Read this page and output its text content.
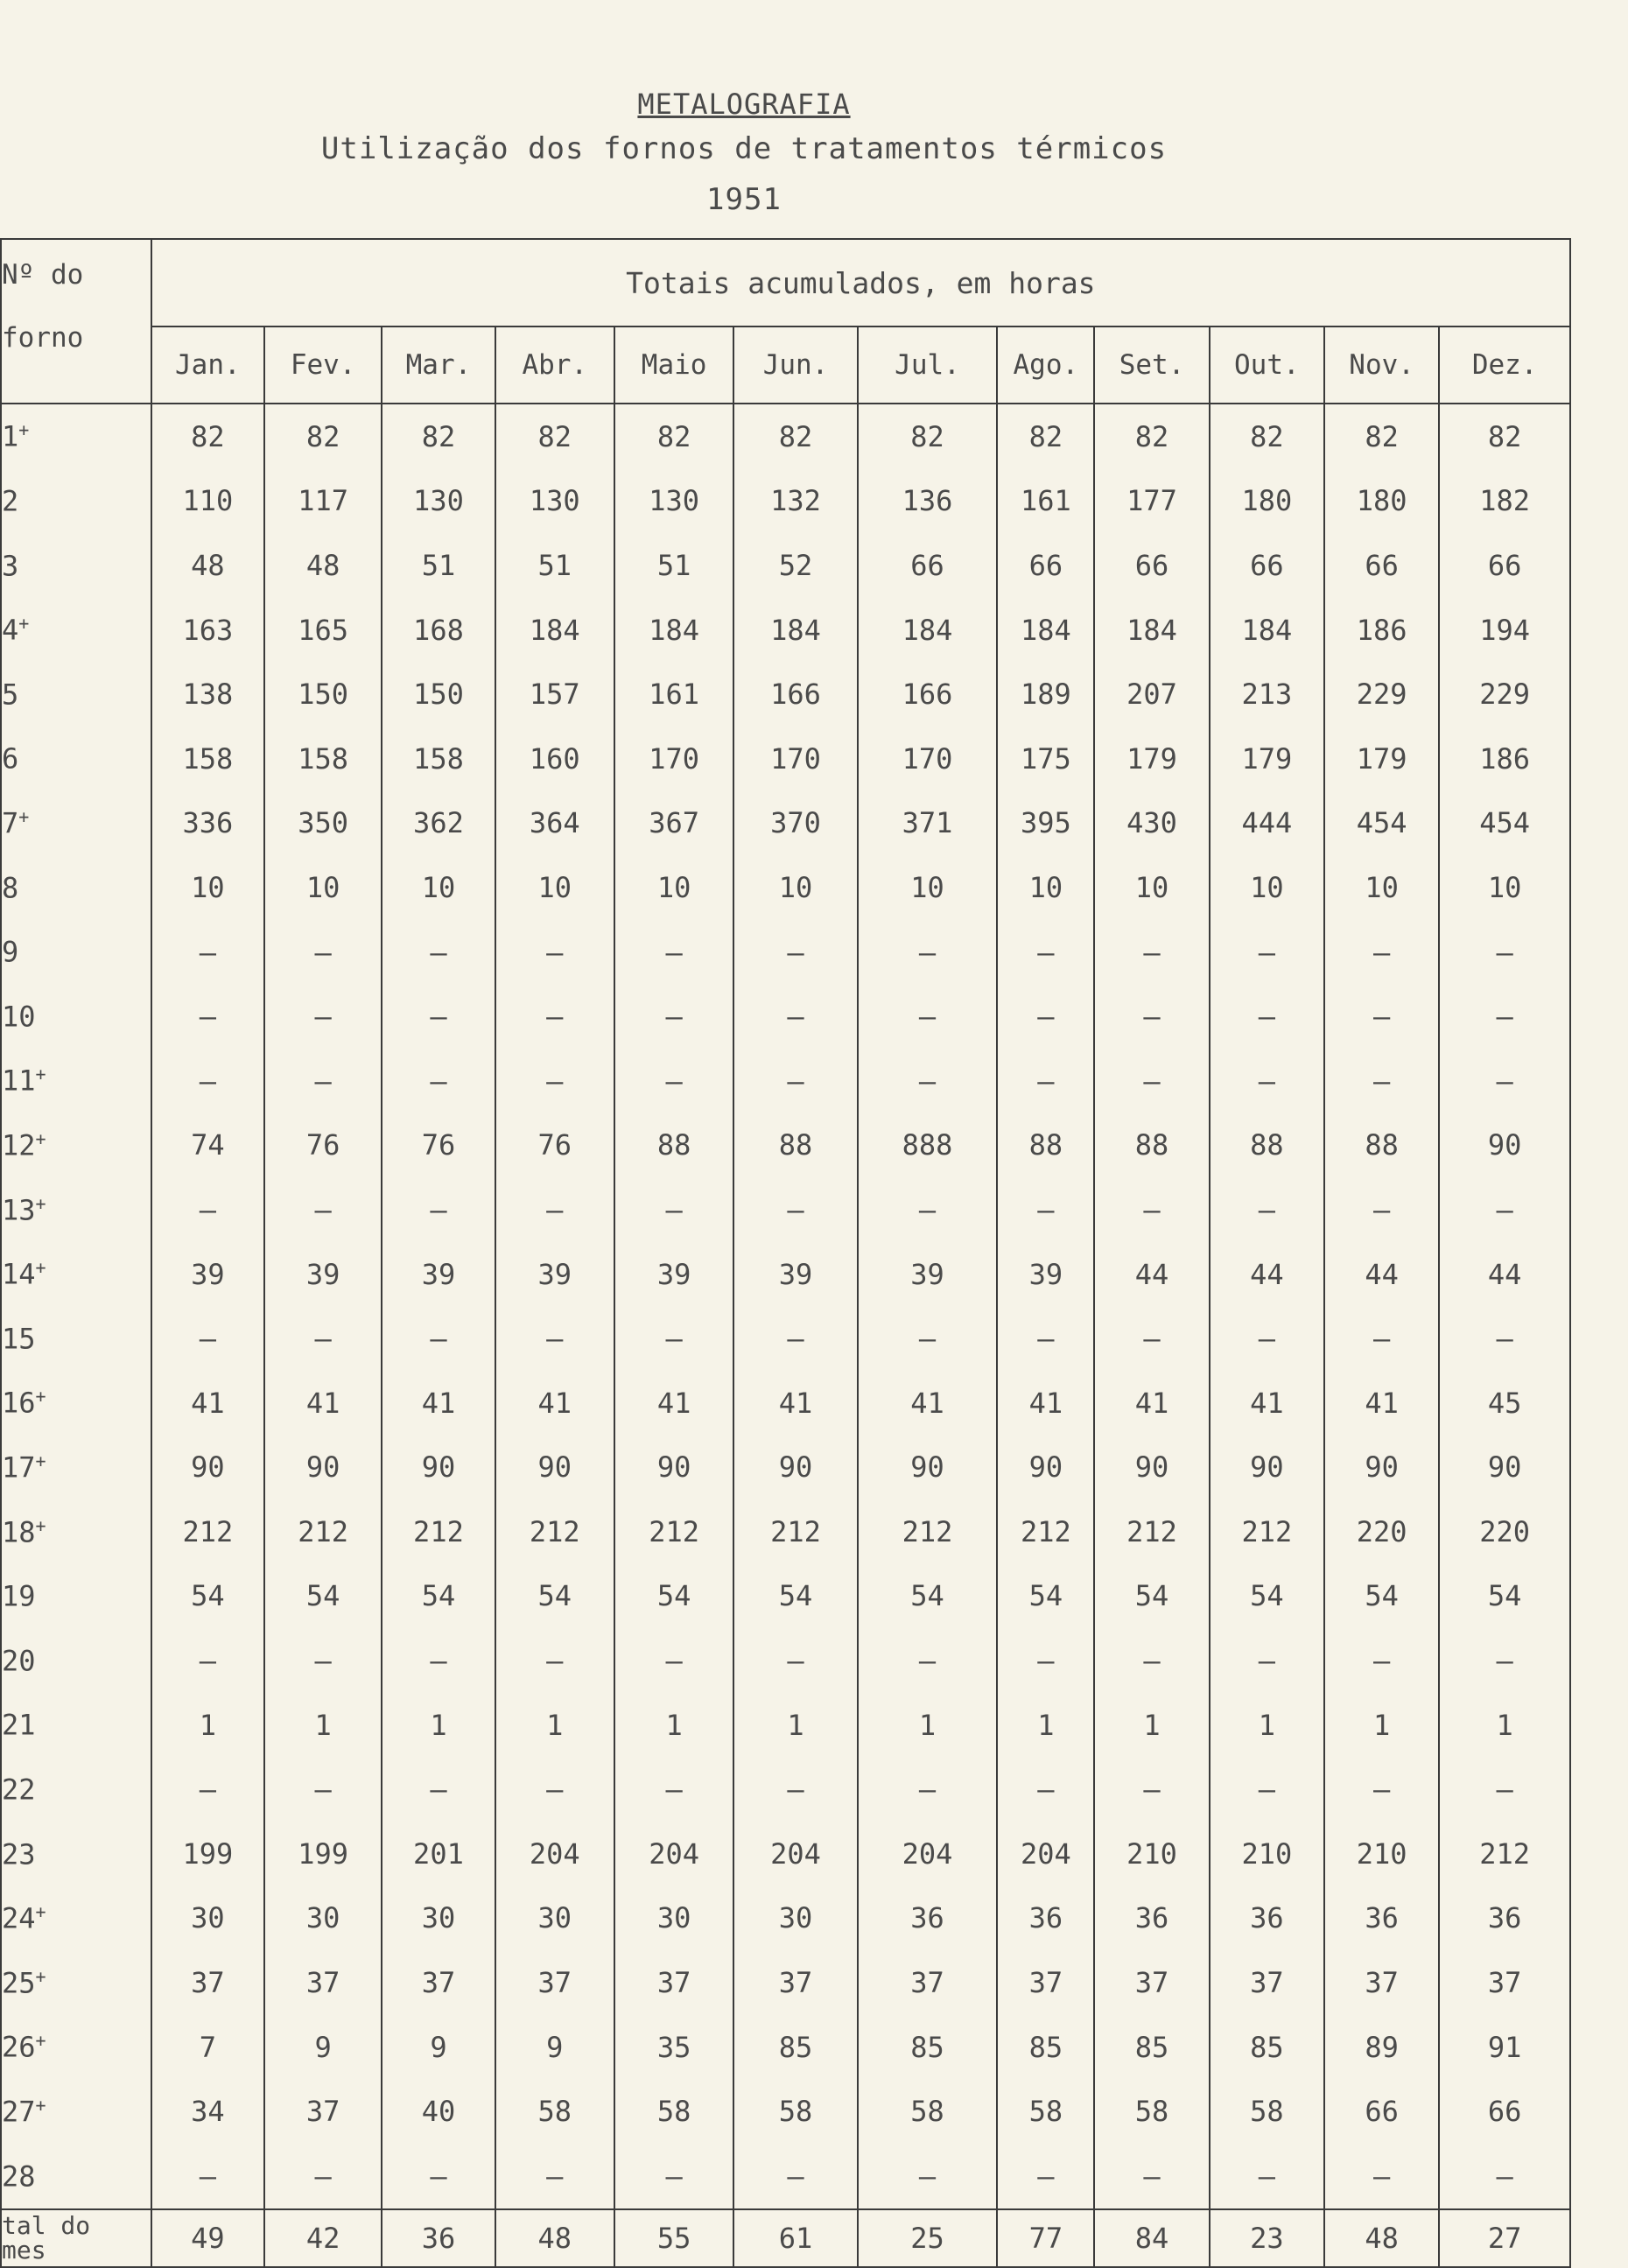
METALOGRAFIA
Utilização dos fornos de tratamentos térmicos
1951
Nº do
forno	Totais acumulados, em horas											
	Jan.	Fev.	Mar.	Abr.	Maio	Jun.	Jul.	Ago.	Set.	Out.	Nov.	Dez.
1+	82	82	82	82	82	82	82	82	82	82	82	82
2	110	117	130	130	130	132	136	161	177	180	180	182
3	48	48	51	51	51	52	66	66	66	66	66	66
4+	163	165	168	184	184	184	184	184	184	184	186	194
5	138	150	150	157	161	166	166	189	207	213	229	229
6	158	158	158	160	170	170	170	175	179	179	179	186
7+	336	350	362	364	367	370	371	395	430	444	454	454
8	10	10	10	10	10	10	10	10	10	10	10	10
9	—	—	—	—	—	—	—	—	—	—	—	—
10	—	—	—	—	—	—	—	—	—	—	—	—
11+	—	—	—	—	—	—	—	—	—	—	—	—
12+	74	76	76	76	88	88	888	88	88	88	88	90
13+	—	—	—	—	—	—	—	—	—	—	—	—
14+	39	39	39	39	39	39	39	39	44	44	44	44
15	—	—	—	—	—	—	—	—	—	—	—	—
16+	41	41	41	41	41	41	41	41	41	41	41	45
17+	90	90	90	90	90	90	90	90	90	90	90	90
18+	212	212	212	212	212	212	212	212	212	212	220	220
19	54	54	54	54	54	54	54	54	54	54	54	54
20	—	—	—	—	—	—	—	—	—	—	—	—
21	1	1	1	1	1	1	1	1	1	1	1	1
22	—	—	—	—	—	—	—	—	—	—	—	—
23	199	199	201	204	204	204	204	204	210	210	210	212
24+	30	30	30	30	30	30	36	36	36	36	36	36
25+	37	37	37	37	37	37	37	37	37	37	37	37
26+	7	9	9	9	35	85	85	85	85	85	89	91
27+	34	37	40	58	58	58	58	58	58	58	66	66
28	—	—	—	—	—	—	—	—	—	—	—	—

tal do
mes	49	42	36	48	55	61	25	77	84	23	48	27
